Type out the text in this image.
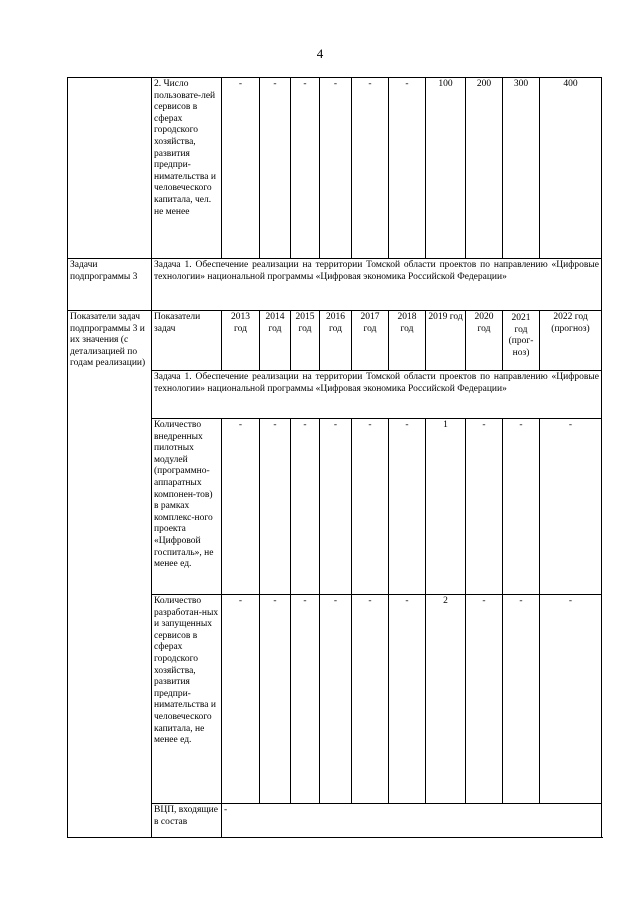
4
	2. Число пользовате-лей сервисов в сферах городского хозяйства, развития предпри-нимательства и человеческого капитала, чел. не менее	-	-	-	-	-	-	100	200	300	400
Задачи подпрограммы 3	Задача 1. Обеспечение реализации на территории Томской области проектов по направлению «Цифровые технологии» национальной программы «Цифровая экономика Российской Федерации»										
Показатели задач подпрограммы 3 и их значения (с детализацией по годам реализации)	Показатели задач	2013 год	2014 год	2015 год	2016 год	2017 год	2018 год	2019 год	2020 год	2021 год (прог-ноз)	2022 год (прогноз)
	Задача 1. Обеспечение реализации на территории Томской области проектов по направлению «Цифровые технологии» национальной программы «Цифровая экономика Российской Федерации»										
	Количество внедренных пилотных модулей (программно-аппаратных компонен-тов) в рамках комплекс-ного проекта «Цифровой госпиталь», не менее ед.	-	-	-	-	-	-	1	-	-	-
	Количество разработан-ных и запущенных сервисов в сферах городского хозяйства, развития предпри-нимательства и человеческого капитала, не менее ед.	-	-	-	-	-	-	2	-	-	-
	ВЦП, входящие в состав	-									
